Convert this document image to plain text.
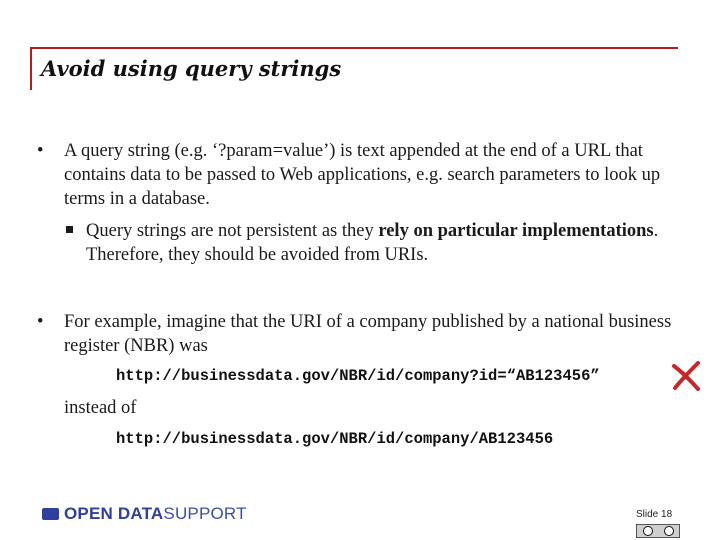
Avoid using query strings
• A query string (e.g. ‘?param=value’) is text appended at the end of a URL that contains data to be passed to Web applications, e.g. search parameters to look up terms in a database.
Query strings are not persistent as they rely on particular implementations. Therefore, they should be avoided from URIs.
• For example, imagine that the URI of a company published by a national business register (NBR) was
http://businessdata.gov/NBR/id/company?id=“AB123456”
instead of
http://businessdata.gov/NBR/id/company/AB123456
OPEN DATASUPPORT	Slide 18
